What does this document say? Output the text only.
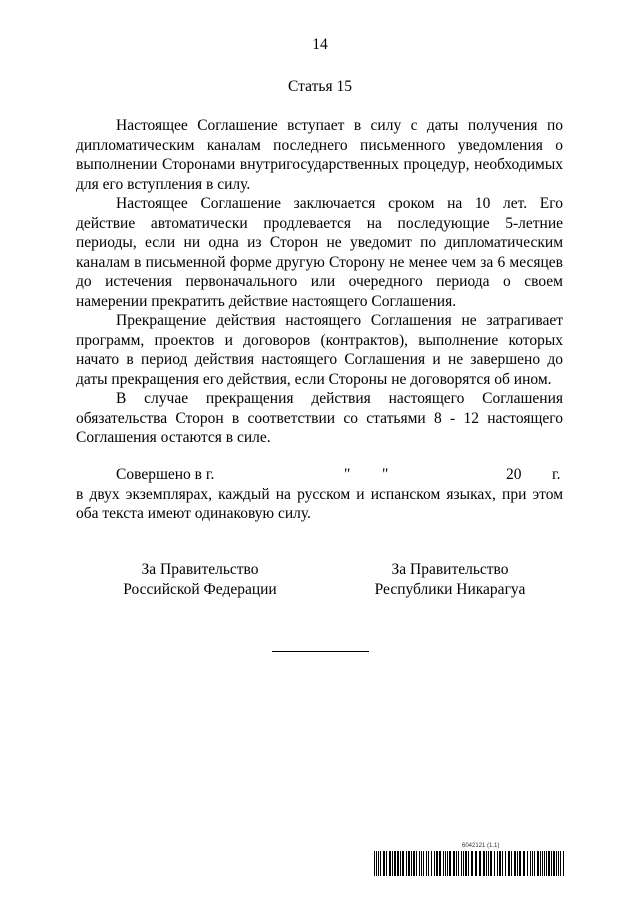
14
Статья 15

Настоящее Соглашение вступает в силу с даты получения по дипломатическим каналам последнего письменного уведомления о выполнении Сторонами внутригосударственных процедур, необходимых для его вступления в силу.

Настоящее Соглашение заключается сроком на 10 лет. Его действие автоматически продлевается на последующие 5-летние периоды, если ни одна из Сторон не уведомит по дипломатическим каналам в письменной форме другую Сторону не менее чем за 6 месяцев до истечения первоначального или очередного периода о своем намерении прекратить действие настоящего Соглашения.

Прекращение действия настоящего Соглашения не затрагивает программ, проектов и договоров (контрактов), выполнение которых начато в период действия настоящего Соглашения и не завершено до даты прекращения его действия, если Стороны не договорятся об ином.

В случае прекращения действия настоящего Соглашения обязательства Сторон в соответствии со статьями 8 - 12 настоящего Соглашения остаются в силе.

Совершено в г.	" "	20 г.

в двух экземплярах, каждый на русском и испанском языках, при этом оба текста имеют одинаковую силу.

За Правительство
Российской Федерации
За Правительство
Республики Никарагуа
6042121 (1.1)
